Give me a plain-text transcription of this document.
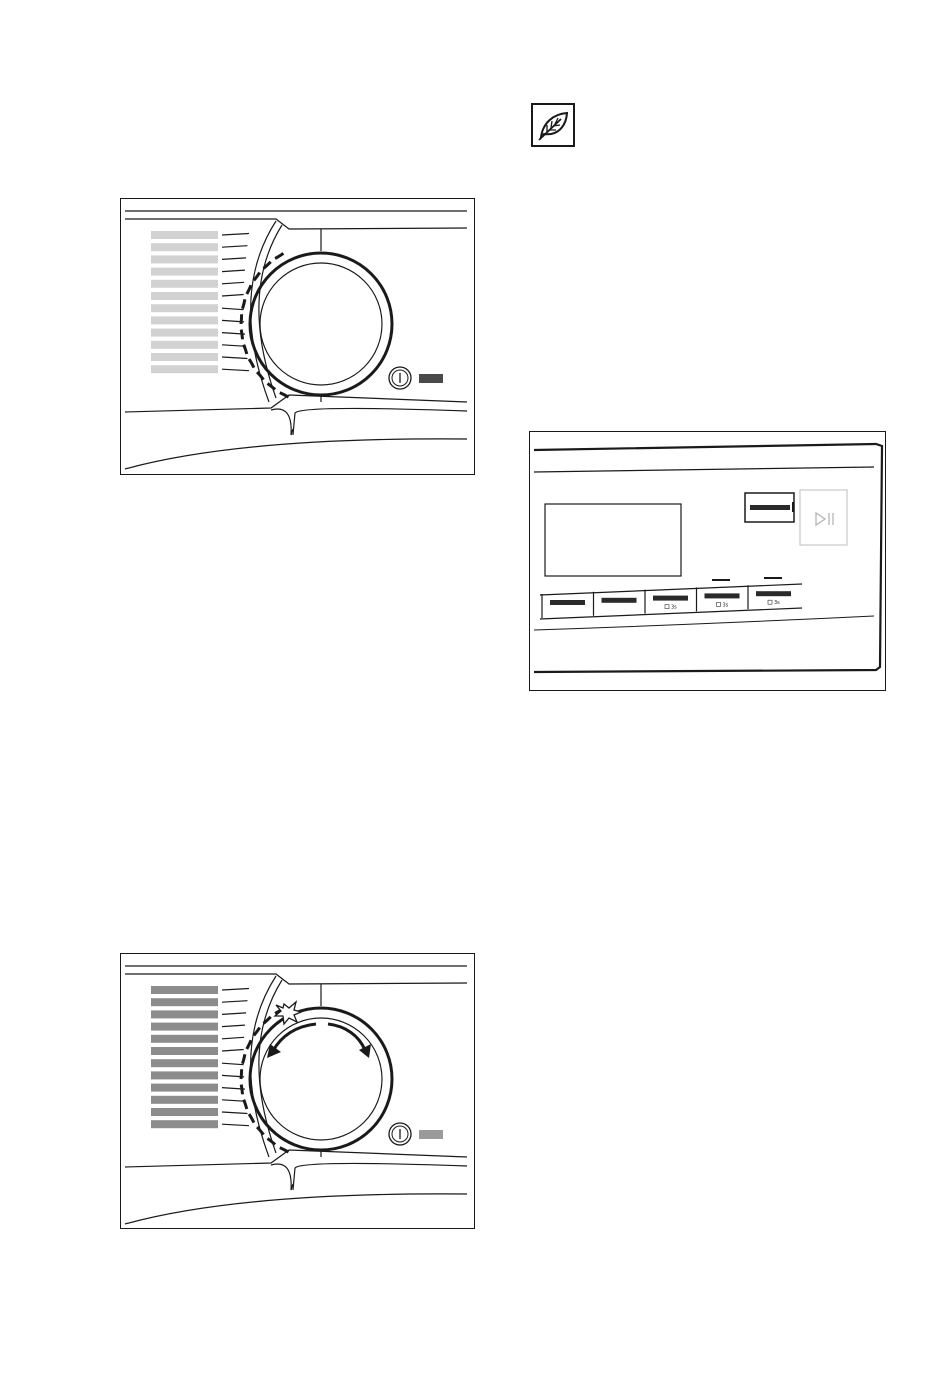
3s	3s	3s
